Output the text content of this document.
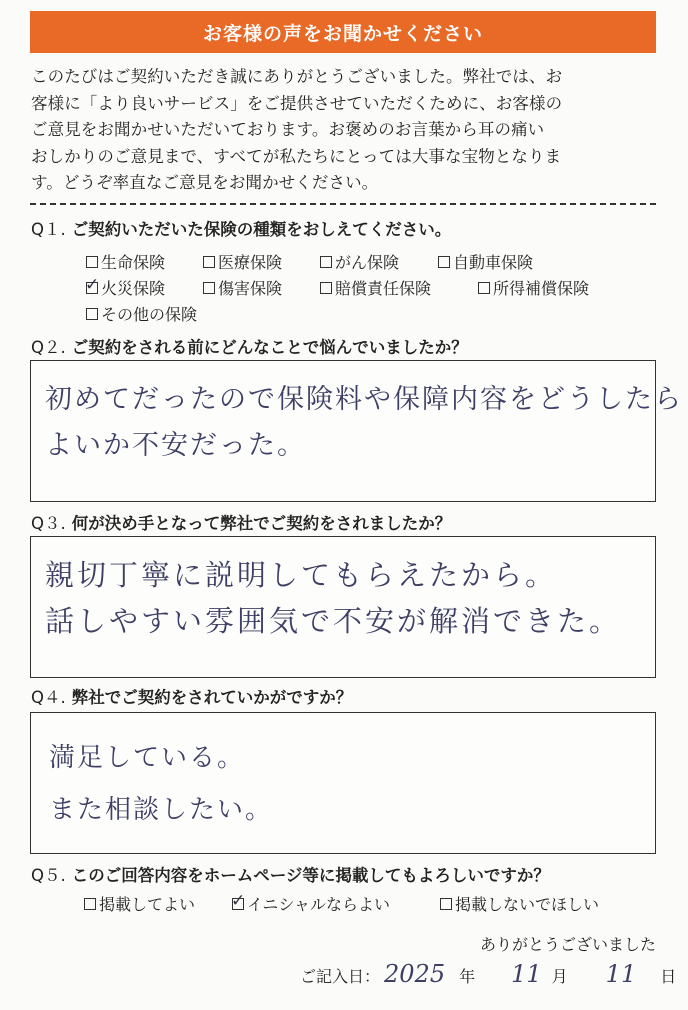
お客様の声をお聞かせください
このたびはご契約いただき誠にありがとうございました。弊社では、お
客様に「より良いサービス」をご提供させていただくために、お客様の
ご意見をお聞かせいただいております。お褒めのお言葉から耳の痛い
おしかりのご意見まで、すべてが私たちにとっては大事な宝物となりま
す。どうぞ率直なご意見をお聞かせください。
Q１. ご契約いただいた保険の種類をおしえてください。
生命保険	医療保険	がん保険	自動車保険
✓ 火災保険	傷害保険	賠償責任保険	所得補償保険
その他の保険
Q２. ご契約をされる前にどんなことで悩んでいましたか？
初めてだったので保険料や保障内容をどうしたら
よいか不安だった。
Q３. 何が決め手となって弊社でご契約をされましたか？
親切丁寧に説明してもらえたから。
話しやすい雰囲気で不安が解消できた。
Q４. 弊社でご契約をされていかがですか？
満足している。
また相談したい。
Q５. このご回答内容をホームページ等に掲載してもよろしいですか？
掲載してよい ✓ イニシャルならよい	掲載しないでほしい
ありがとうございました
ご記入日： 2025 年 11 月 11 日
